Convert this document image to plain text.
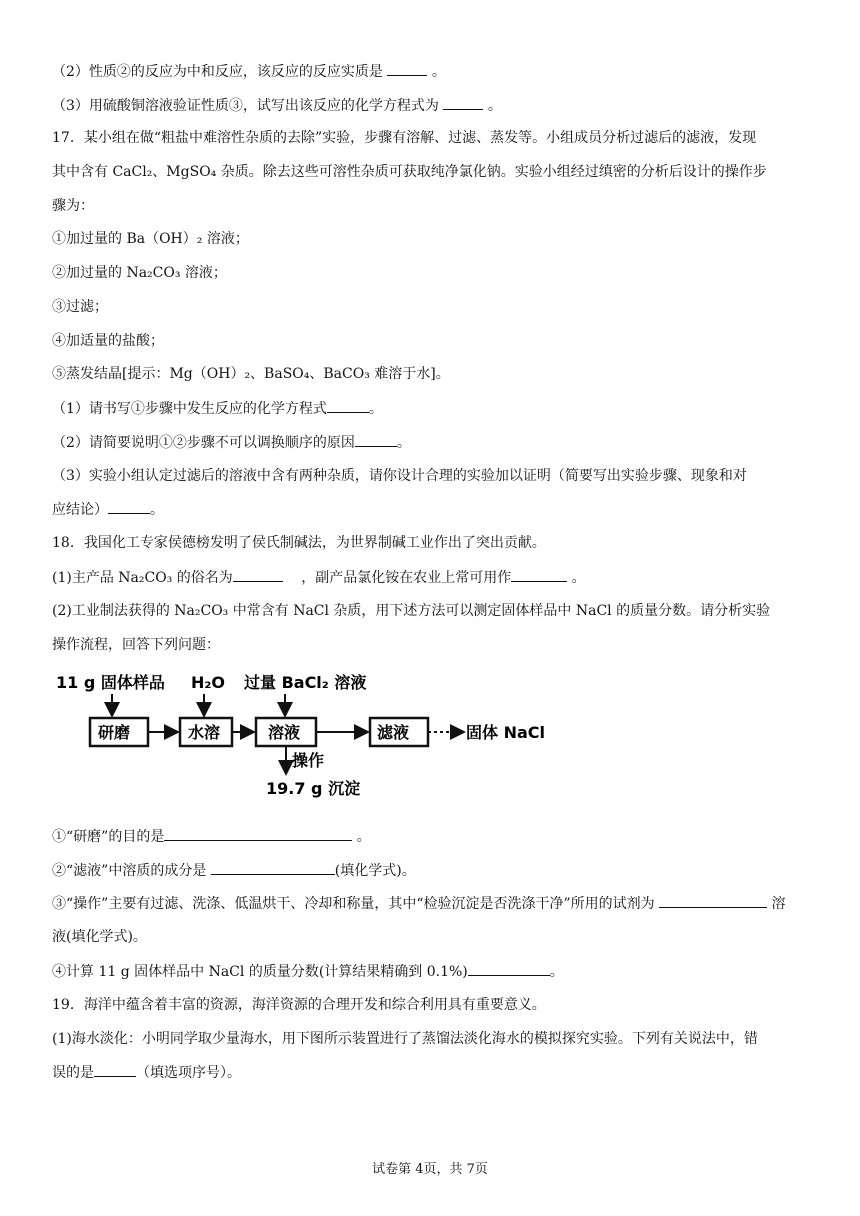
（2）性质②的反应为中和反应，该反应的反应实质是	。
（3）用硫酸铜溶液验证性质③，试写出该反应的化学方程式为	。
17．某小组在做“粗盐中难溶性杂质的去除”实验，步骤有溶解、过滤、蒸发等。小组成员分析过滤后的滤液，发现
其中含有 CaCl₂、MgSO₄ 杂质。除去这些可溶性杂质可获取纯净氯化钠。实验小组经过缜密的分析后设计的操作步
骤为：
①加过量的 Ba（OH）₂ 溶液；
②加过量的 Na₂CO₃ 溶液；
③过滤；
④加适量的盐酸；
⑤蒸发结晶[提示：Mg（OH）₂、BaSO₄、BaCO₃ 难溶于水]。
（1）请书写①步骤中发生反应的化学方程式	。
（2）请简要说明①②步骤不可以调换顺序的原因	。
（3）实验小组认定过滤后的溶液中含有两种杂质，请你设计合理的实验加以证明（简要写出实验步骤、现象和对
应结论）	。
18．我国化工专家侯德榜发明了侯氏制碱法，为世界制碱工业作出了突出贡献。
(1)主产品 Na₂CO₃ 的俗名为	，副产品氯化铵在农业上常可用作	。
(2)工业制法获得的 Na₂CO₃ 中常含有 NaCl 杂质，用下述方法可以测定固体样品中 NaCl 的质量分数。请分析实验
操作流程，回答下列问题：
11 g 固体样品 H₂O 过量 BaCl₂ 溶液
研磨	水溶	溶液	滤液	固体 NaCl
操作
19.7 g 沉淀
①“研磨”的目的是	。
②“滤液”中溶质的成分是	(填化学式)。
③“操作”主要有过滤、洗涤、低温烘干、冷却和称量，其中“检验沉淀是否洗涤干净”所用的试剂为	溶
液(填化学式)。
④计算 11 g 固体样品中 NaCl 的质量分数(计算结果精确到 0.1%)	。
19．海洋中蕴含着丰富的资源，海洋资源的合理开发和综合利用具有重要意义。
(1)海水淡化：小明同学取少量海水，用下图所示装置进行了蒸馏法淡化海水的模拟探究实验。下列有关说法中，错
误的是	（填选项序号）。
试卷第 4页，共 7页
